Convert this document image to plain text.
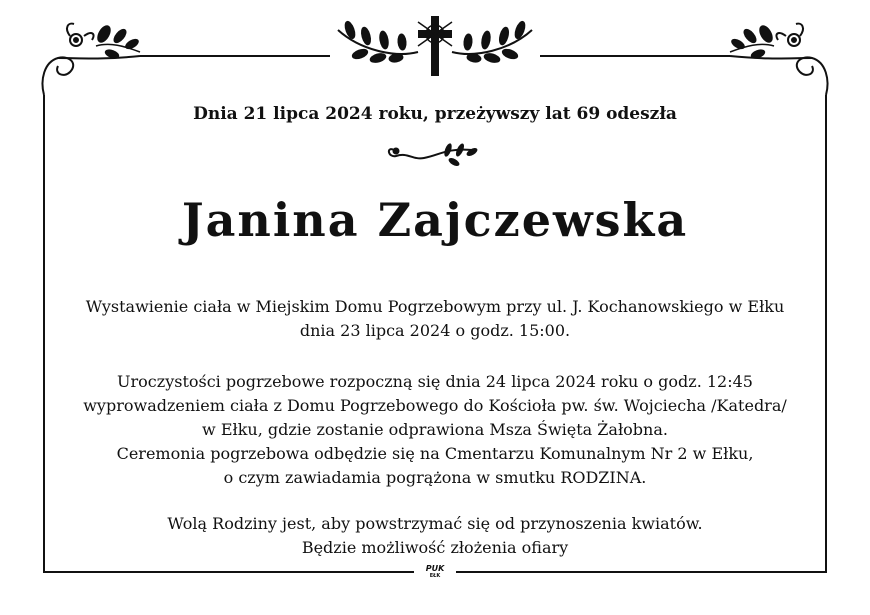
Dnia 21 lipca 2024 roku, przeżywszy lat 69 odeszła
Janina Zajczewska
Wystawienie ciała w Miejskim Domu Pogrzebowym przy ul. J. Kochanowskiego w Ełku
dnia 23 lipca 2024 o godz. 15:00.
Uroczystości pogrzebowe rozpoczną się dnia 24 lipca 2024 roku o godz. 12:45
wyprowadzeniem ciała z Domu Pogrzebowego do Kościoła pw. św. Wojciecha /Katedra/
w Ełku, gdzie zostanie odprawiona Msza Święta Żałobna.
Ceremonia pogrzebowa odbędzie się na Cmentarzu Komunalnym Nr 2 w Ełku,
o czym zawiadamia pogrążona w smutku RODZINA.
Wolą Rodziny jest, aby powstrzymać się od przynoszenia kwiatów.
Będzie możliwość złożenia ofiary
PUK
EŁK
